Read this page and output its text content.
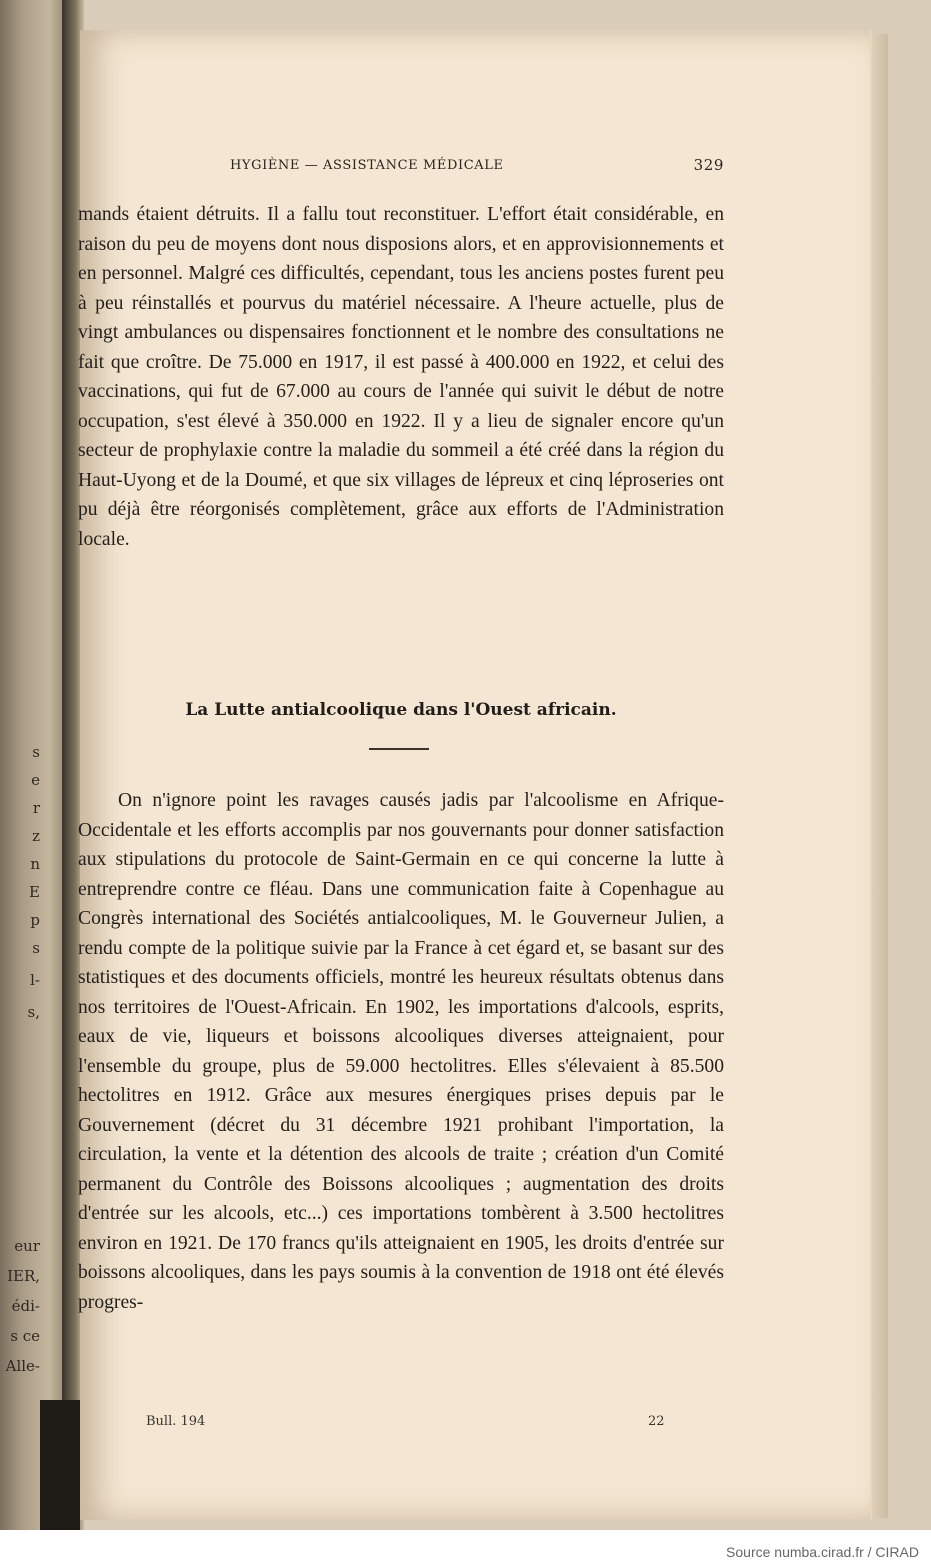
s
e
r
z
n
E
p
s
l-
s,
eur
IER,
édi-
s ce
Alle-
HYGIÈNE — ASSISTANCE MÉDICALE	329

mands étaient détruits. Il a fallu tout reconstituer. L'effort était considérable, en raison du peu de moyens dont nous disposions alors, et en approvisionnements et en personnel. Malgré ces difficultés, cependant, tous les anciens postes furent peu à peu réinstallés et pourvus du matériel nécessaire. A l'heure actuelle, plus de vingt ambulances ou dispensaires fonctionnent et le nombre des consultations ne fait que croître. De 75.000 en 1917, il est passé à 400.000 en 1922, et celui des vaccinations, qui fut de 67.000 au cours de l'année qui suivit le début de notre occupation, s'est élevé à 350.000 en 1922. Il y a lieu de signaler encore qu'un secteur de prophylaxie contre la maladie du sommeil a été créé dans la région du Haut-Uyong et de la Doumé, et que six villages de lépreux et cinq léproseries ont pu déjà être réorgonisés complètement, grâce aux efforts de l'Administration locale.

La Lutte antialcoolique dans l'Ouest africain.

On n'ignore point les ravages causés jadis par l'alcoolisme en Afrique-Occidentale et les efforts accomplis par nos gouvernants pour donner satisfaction aux stipulations du protocole de Saint-Germain en ce qui concerne la lutte à entreprendre contre ce fléau. Dans une communication faite à Copenhague au Congrès international des Sociétés antialcooliques, M. le Gouverneur Julien, a rendu compte de la politique suivie par la France à cet égard et, se basant sur des statistiques et des documents officiels, montré les heureux résultats obtenus dans nos territoires de l'Ouest-Africain. En 1902, les importations d'alcools, esprits, eaux de vie, liqueurs et boissons alcooliques diverses atteignaient, pour l'ensemble du groupe, plus de 59.000 hectolitres. Elles s'élevaient à 85.500 hectolitres en 1912. Grâce aux mesures énergiques prises depuis par le Gouvernement (décret du 31 décembre 1921 prohibant l'importation, la circulation, la vente et la détention des alcools de traite ; création d'un Comité permanent du Contrôle des Boissons alcooliques ; augmentation des droits d'entrée sur les alcools, etc...) ces importations tombèrent à 3.500 hectolitres environ en 1921. De 170 francs qu'ils atteignaient en 1905, les droits d'entrée sur boissons alcooliques, dans les pays soumis à la convention de 1918 ont été élevés progres-

Bull. 194	22
Source numba.cirad.fr / CIRAD
